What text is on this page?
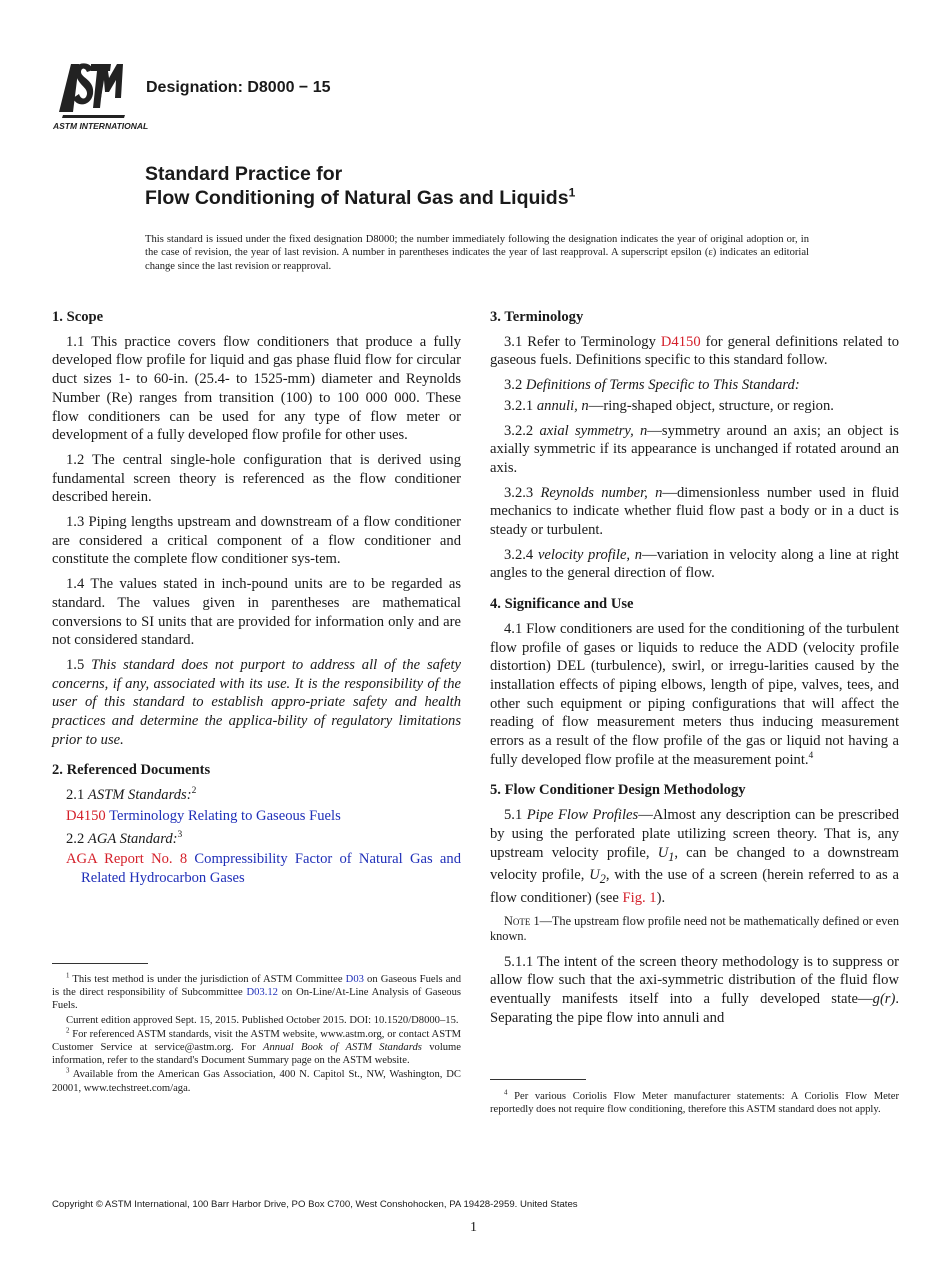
ASTM INTERNATIONAL
Designation: D8000 − 15
Standard Practice for
Flow Conditioning of Natural Gas and Liquids$^1$
This standard is issued under the fixed designation D8000; the number immediately following the designation indicates the year of original adoption or, in the case of revision, the year of last revision. A number in parentheses indicates the year of last reapproval. A superscript epsilon (ε) indicates an editorial change since the last revision or reapproval.
1. Scope

1.1 This practice covers flow conditioners that produce a fully developed flow profile for liquid and gas phase fluid flow for circular duct sizes 1- to 60-in. (25.4- to 1525-mm) diameter and Reynolds Number (Re) ranges from transition (100) to 100 000 000. These flow conditioners can be used for any type of flow meter or development of a fully developed flow profile for other uses.

1.2 The central single-hole configuration that is derived using fundamental screen theory is referenced as the flow conditioner described herein.

1.3 Piping lengths upstream and downstream of a flow conditioner are considered a critical component of a flow conditioner and constitute the complete flow conditioner sys-tem.

1.4 The values stated in inch-pound units are to be regarded as standard. The values given in parentheses are mathematical conversions to SI units that are provided for information only and are not considered standard.

1.5 This standard does not purport to address all of the safety concerns, if any, associated with its use. It is the responsibility of the user of this standard to establish appro-priate safety and health practices and determine the applica-bility of regulatory limitations prior to use.

2. Referenced Documents

2.1 ASTM Standards:$^2$

D4150 Terminology Relating to Gaseous Fuels

2.2 AGA Standard:$^3$

AGA Report No. 8 Compressibility Factor of Natural Gas and Related Hydrocarbon Gases
3. Terminology

3.1 Refer to Terminology D4150 for general definitions related to gaseous fuels. Definitions specific to this standard follow.

3.2 Definitions of Terms Specific to This Standard:

3.2.1 annuli, n—ring-shaped object, structure, or region.

3.2.2 axial symmetry, n—symmetry around an axis; an object is axially symmetric if its appearance is unchanged if rotated around an axis.

3.2.3 Reynolds number, n—dimensionless number used in fluid mechanics to indicate whether fluid flow past a body or in a duct is steady or turbulent.

3.2.4 velocity profile, n—variation in velocity along a line at right angles to the general direction of flow.

4. Significance and Use

4.1 Flow conditioners are used for the conditioning of the turbulent flow profile of gases or liquids to reduce the ADD (velocity profile distortion) DEL (turbulence), swirl, or irregu-larities caused by the installation effects of piping elbows, length of pipe, valves, tees, and other such equipment or piping configurations that will affect the reading of flow measurement meters thus inducing measurement errors as a result of the flow profile of the gas or liquid not having a fully developed flow profile at the measurement point.$^4$

5. Flow Conditioner Design Methodology

5.1 Pipe Flow Profiles—Almost any description can be prescribed by using the perforated plate utilizing screen theory. That is, any upstream velocity profile, $U_1$, can be changed to a downstream velocity profile, $U_2$, with the use of a screen (herein referred to as a flow conditioner) (see Fig. 1).

Note 1—The upstream flow profile need not be mathematically defined or even known.

5.1.1 The intent of the screen theory methodology is to suppress or allow flow such that the axi-symmetric distribution of the fluid flow eventually manifests itself into a fully developed state—g(r). Separating the pipe flow into annuli and

$^1$ This test method is under the jurisdiction of ASTM Committee D03 on Gaseous Fuels and is the direct responsibility of Subcommittee D03.12 on On-Line/At-Line Analysis of Gaseous Fuels.

Current edition approved Sept. 15, 2015. Published October 2015. DOI: 10.1520/D8000–15.

$^2$ For referenced ASTM standards, visit the ASTM website, www.astm.org, or contact ASTM Customer Service at service@astm.org. For Annual Book of ASTM Standards volume information, refer to the standard's Document Summary page on the ASTM website.

$^3$ Available from the American Gas Association, 400 N. Capitol St., NW, Washington, DC 20001, www.techstreet.com/aga.	$^4$ Per various Coriolis Flow Meter manufacturer statements: A Coriolis Flow Meter reportedly does not require flow conditioning, therefore this ASTM standard does not apply.

Copyright © ASTM International, 100 Barr Harbor Drive, PO Box C700, West Conshohocken, PA 19428-2959. United States
1
